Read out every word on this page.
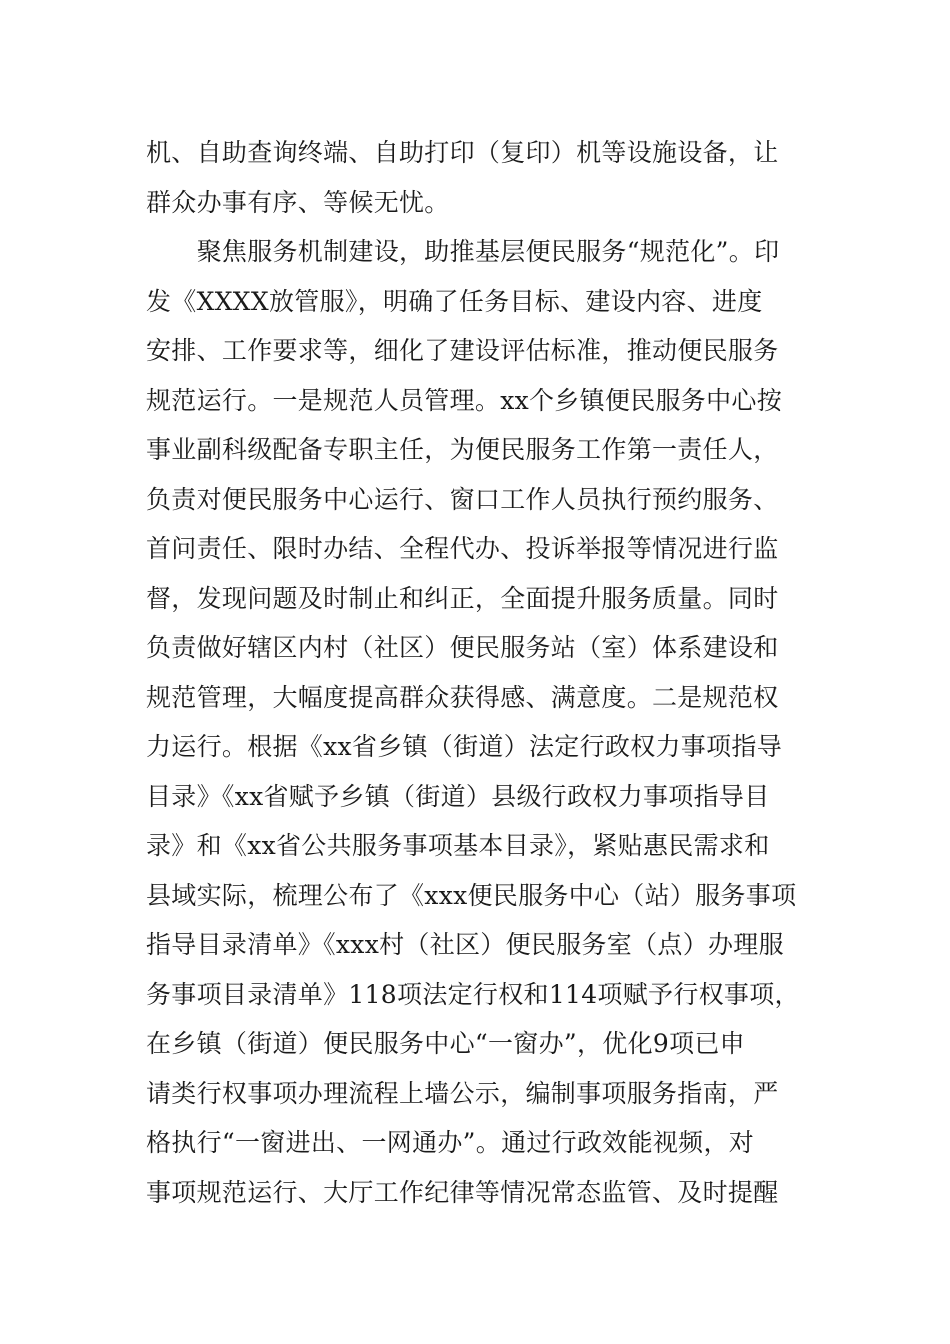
机、自助查询终端、自助打印（复印）机等设施设备，让
群众办事有序、等候无忧。
　　聚焦服务机制建设，助推基层便民服务“规范化”。印
发《XXXX放管服》，明确了任务目标、建设内容、进度
安排、工作要求等，细化了建设评估标准，推动便民服务
规范运行。一是规范人员管理。xx个乡镇便民服务中心按
事业副科级配备专职主任，为便民服务工作第一责任人，
负责对便民服务中心运行、窗口工作人员执行预约服务、
首问责任、限时办结、全程代办、投诉举报等情况进行监
督，发现问题及时制止和纠正，全面提升服务质量。同时
负责做好辖区内村（社区）便民服务站（室）体系建设和
规范管理，大幅度提高群众获得感、满意度。二是规范权
力运行。根据《xx省乡镇（街道）法定行政权力事项指导
目录》《xx省赋予乡镇（街道）县级行政权力事项指导目
录》和《xx省公共服务事项基本目录》，紧贴惠民需求和
县域实际，梳理公布了《xxx便民服务中心（站）服务事项
指导目录清单》《xxx村（社区）便民服务室（点）办理服
务事项目录清单》118项法定行权和114项赋予行权事项，
在乡镇（街道）便民服务中心“一窗办”，优化9项已申
请类行权事项办理流程上墙公示，编制事项服务指南，严
格执行“一窗进出、一网通办”。通过行政效能视频，对
事项规范运行、大厅工作纪律等情况常态监管、及时提醒
